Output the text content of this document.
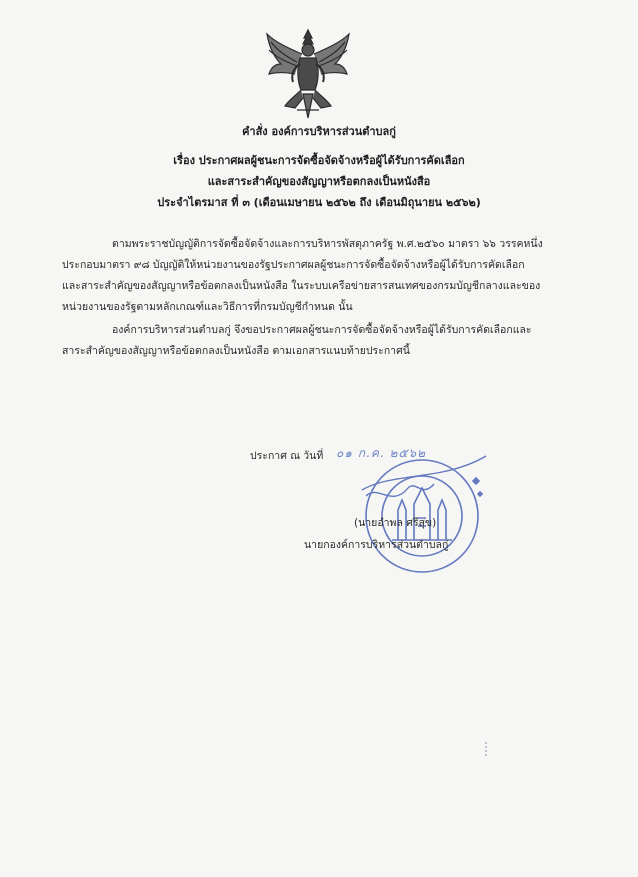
คำสั่ง องค์การบริหารส่วนตำบลกู่
เรื่อง ประกาศผลผู้ชนะการจัดซื้อจัดจ้างหรือผู้ได้รับการคัดเลือก
และสาระสำคัญของสัญญาหรือตกลงเป็นหนังสือ
ประจำไตรมาส ที่ ๓ (เดือนเมษายน ๒๕๖๒ ถึง เดือนมิถุนายน ๒๕๖๒)
ตามพระราชบัญญัติการจัดซื้อจัดจ้างและการบริหารพัสดุภาครัฐ พ.ศ.๒๕๖๐ มาตรา ๖๖ วรรคหนึ่ง
ประกอบมาตรา ๙๘ บัญญัติให้หน่วยงานของรัฐประกาศผลผู้ชนะการจัดซื้อจัดจ้างหรือผู้ได้รับการคัดเลือก
และสาระสำคัญของสัญญาหรือข้อตกลงเป็นหนังสือ ในระบบเครือข่ายสารสนเทศของกรมบัญชีกลางและของ
หน่วยงานของรัฐตามหลักเกณฑ์และวิธีการที่กรมบัญชีกำหนด นั้น
องค์การบริหารส่วนตำบลกู่ จึงขอประกาศผลผู้ชนะการจัดซื้อจัดจ้างหรือผู้ได้รับการคัดเลือกและ
สาระสำคัญของสัญญาหรือข้อตกลงเป็นหนังสือ ตามเอกสารแนบท้ายประกาศนี้
ประกาศ ณ วันที่ ๐๑ ก.ค. ๒๕๖๒
(นายอำพล ศรีสุข)
นายกองค์การบริหารส่วนตำบลกู่
